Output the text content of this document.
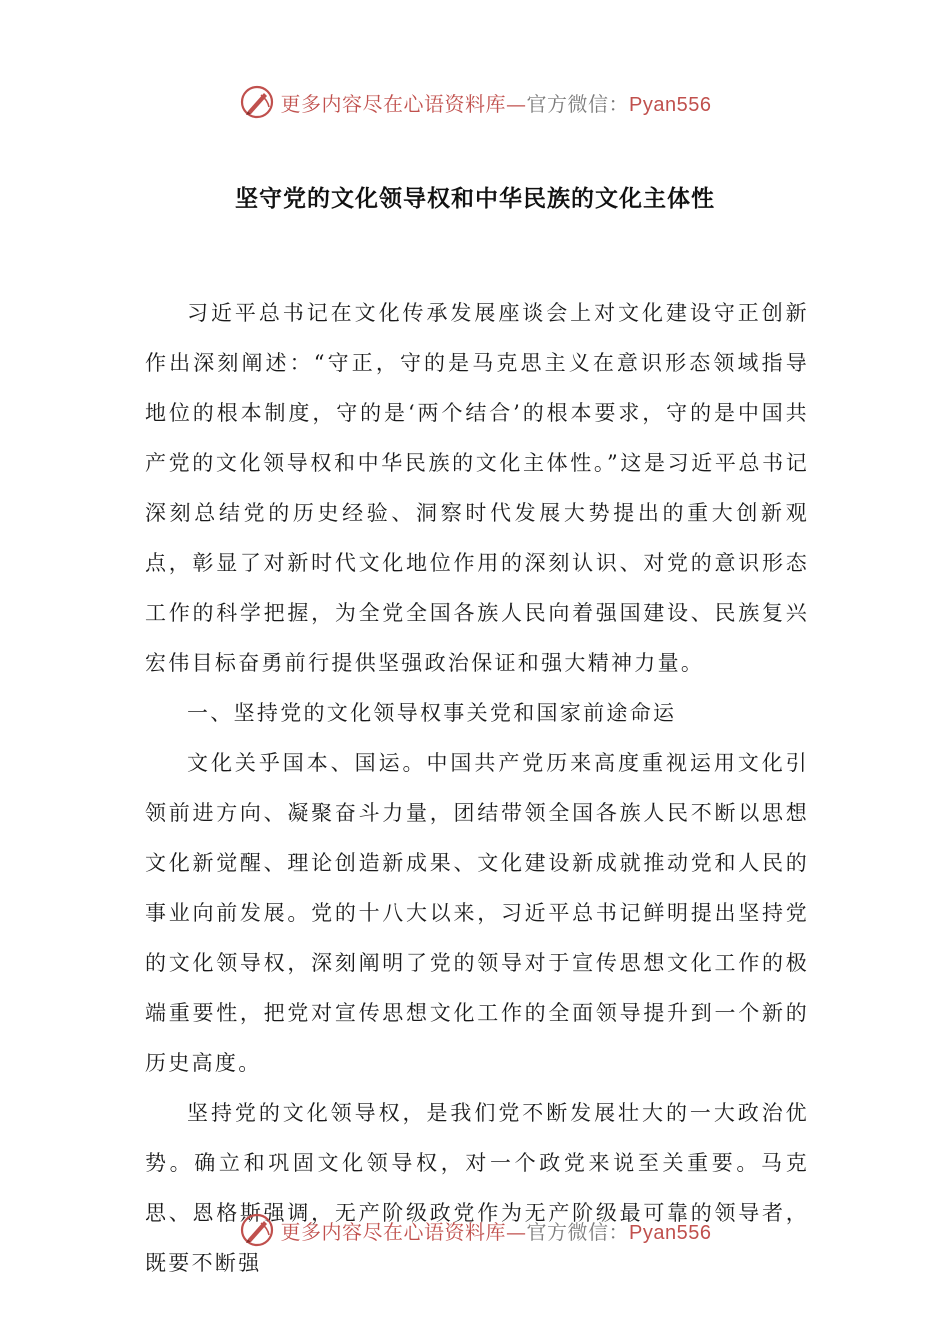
更多内容尽在心语资料库—官方微信：Pyan556
坚守党的文化领导权和中华民族的文化主体性

习近平总书记在文化传承发展座谈会上对文化建设守正创新作出深刻阐述：“守正，守的是马克思主义在意识形态领域指导地位的根本制度，守的是‘两个结合’的根本要求，守的是中国共产党的文化领导权和中华民族的文化主体性。”这是习近平总书记深刻总结党的历史经验、洞察时代发展大势提出的重大创新观点，彰显了对新时代文化地位作用的深刻认识、对党的意识形态工作的科学把握，为全党全国各族人民向着强国建设、民族复兴宏伟目标奋勇前行提供坚强政治保证和强大精神力量。

一、坚持党的文化领导权事关党和国家前途命运

文化关乎国本、国运。中国共产党历来高度重视运用文化引领前进方向、凝聚奋斗力量，团结带领全国各族人民不断以思想文化新觉醒、理论创造新成果、文化建设新成就推动党和人民的事业向前发展。党的十八大以来，习近平总书记鲜明提出坚持党的文化领导权，深刻阐明了党的领导对于宣传思想文化工作的极端重要性，把党对宣传思想文化工作的全面领导提升到一个新的历史高度。

坚持党的文化领导权，是我们党不断发展壮大的一大政治优势。确立和巩固文化领导权，对一个政党来说至关重要。马克思、恩格斯强调，无产阶级政党作为无产阶级最可靠的领导者，既要不断强

更多内容尽在心语资料库—官方微信：Pyan556
